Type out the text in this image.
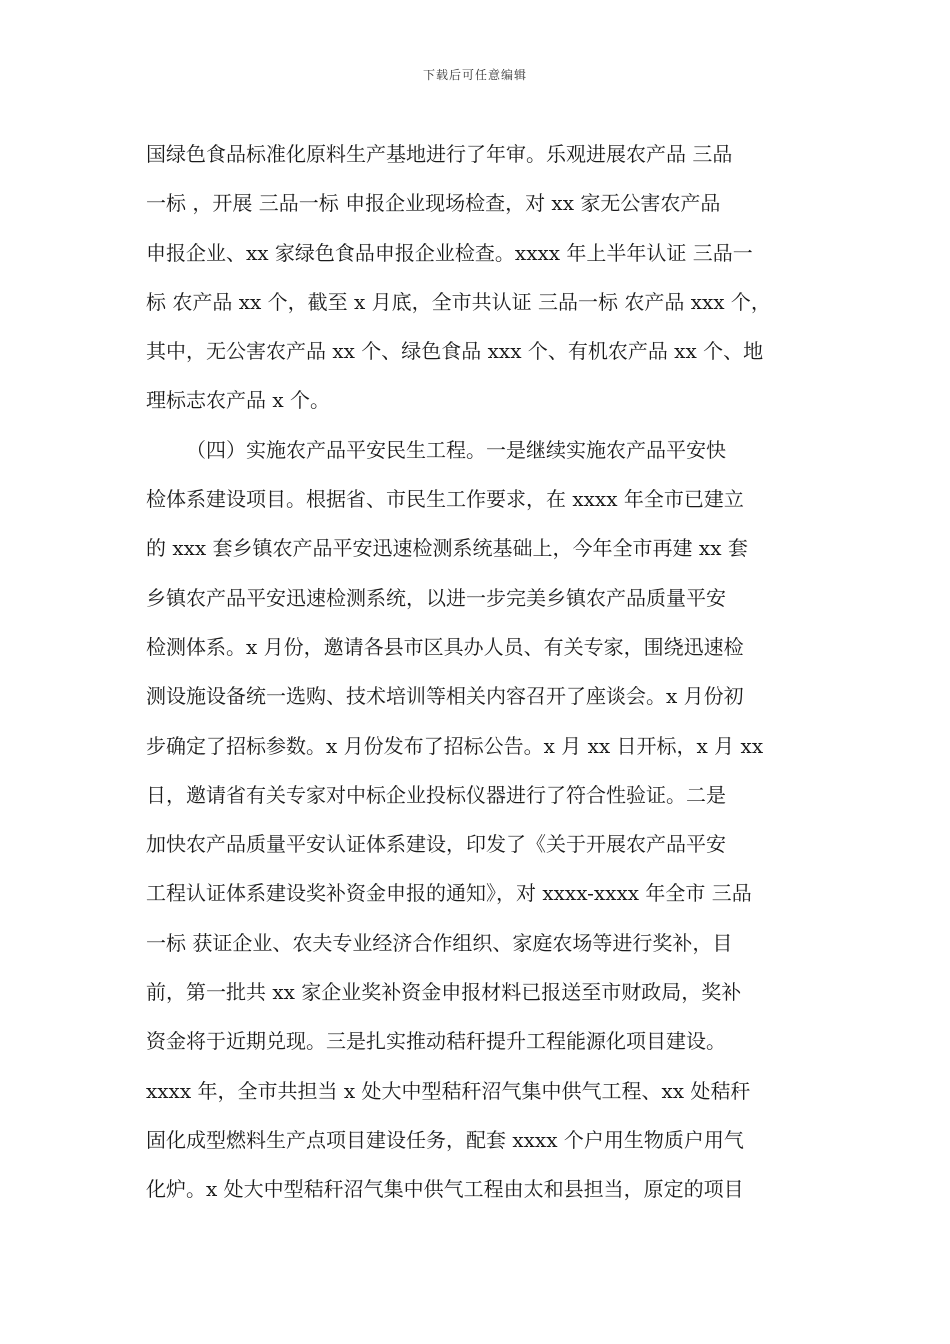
下载后可任意编辑
国绿色食品标准化原料生产基地进行了年审。乐观进展农产品 三品
一标 ，开展 三品一标 申报企业现场检查，对 xx 家无公害农产品
申报企业、xx 家绿色食品申报企业检查。xxxx 年上半年认证 三品一
标 农产品 xx 个，截至 x 月底，全市共认证 三品一标 农产品 xxx 个，
其中，无公害农产品 xx 个、绿色食品 xxx 个、有机农产品 xx 个、地
理标志农产品 x 个。
（四）实施农产品平安民生工程。一是继续实施农产品平安快
检体系建设项目。根据省、市民生工作要求，在 xxxx 年全市已建立
的 xxx 套乡镇农产品平安迅速检测系统基础上，今年全市再建 xx 套
乡镇农产品平安迅速检测系统，以进一步完美乡镇农产品质量平安
检测体系。x 月份，邀请各县市区具办人员、有关专家，围绕迅速检
测设施设备统一选购、技术培训等相关内容召开了座谈会。x 月份初
步确定了招标参数。x 月份发布了招标公告。x 月 xx 日开标，x 月 xx
日，邀请省有关专家对中标企业投标仪器进行了符合性验证。二是
加快农产品质量平安认证体系建设，印发了《关于开展农产品平安
工程认证体系建设奖补资金申报的通知》，对 xxxx-xxxx 年全市 三品
一标 获证企业、农夫专业经济合作组织、家庭农场等进行奖补，目
前，第一批共 xx 家企业奖补资金申报材料已报送至市财政局，奖补
资金将于近期兑现。三是扎实推动秸秆提升工程能源化项目建设。
xxxx 年，全市共担当 x 处大中型秸秆沼气集中供气工程、xx 处秸秆
固化成型燃料生产点项目建设任务，配套 xxxx 个户用生物质户用气
化炉。x 处大中型秸秆沼气集中供气工程由太和县担当，原定的项目
